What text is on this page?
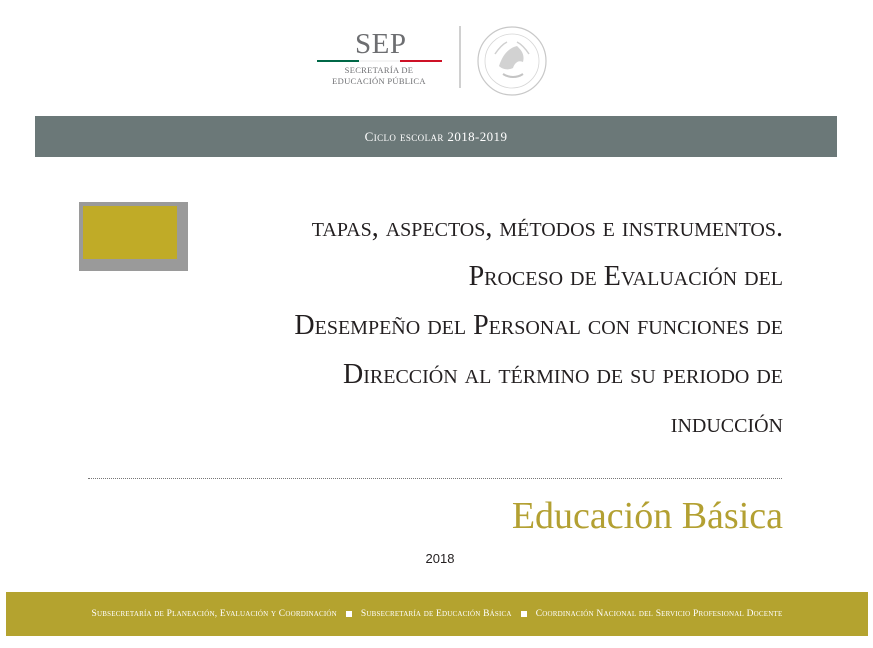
SEP
SECRETARÍA DE
EDUCACIÓN PÚBLICA
Ciclo escolar 2018-2019
Etapas, aspectos, métodos e instrumentos.
Proceso de Evaluación del
Desempeño del Personal con funciones de
Dirección al término de su periodo de
inducción
Educación Básica
2018
Subsecretaría de Planeación, Evaluación y Coordinación	Subsecretaría de Educación Básica	Coordinación Nacional del Servicio Profesional Docente
